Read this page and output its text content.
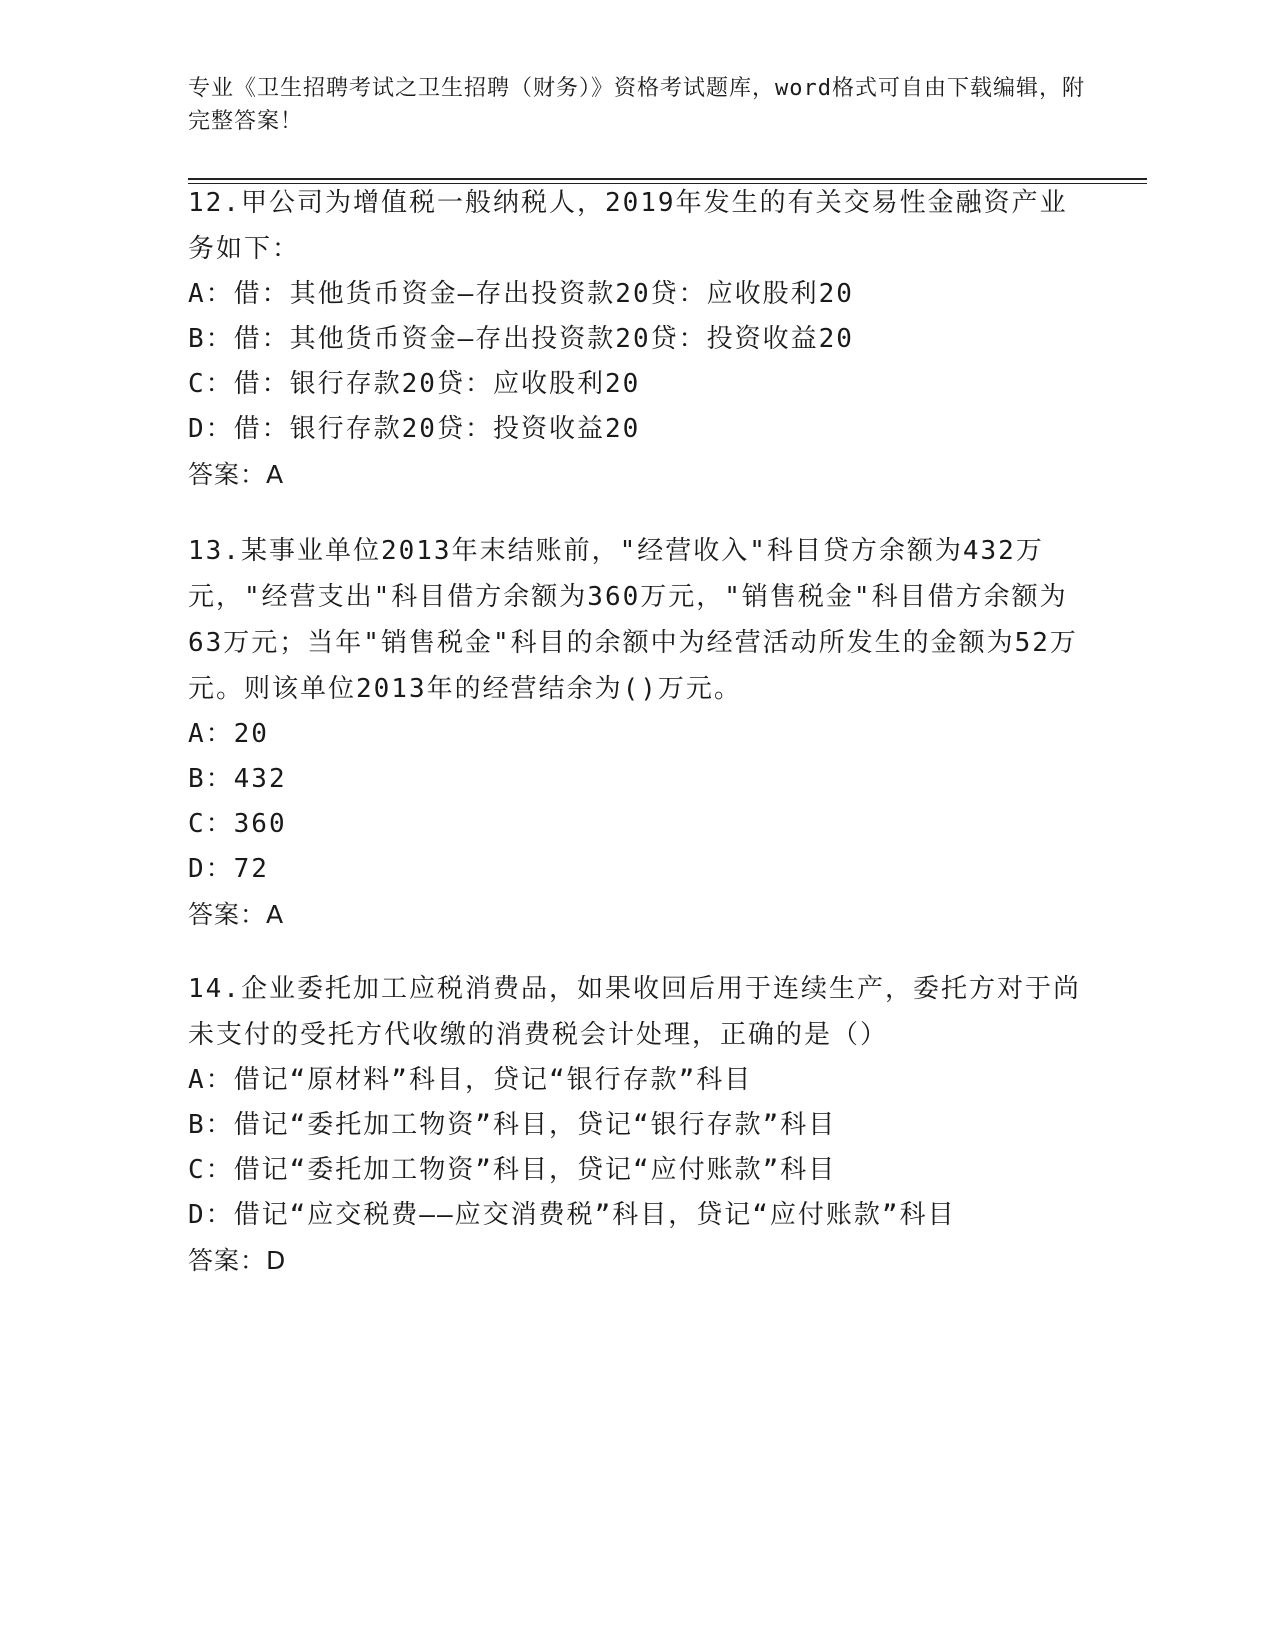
专业《卫生招聘考试之卫生招聘（财务）》资格考试题库，word格式可自由下载编辑，附完整答案！

12.甲公司为增值税一般纳税人，2019年发生的有关交易性金融资产业务如下：

A：借：其他货币资金—存出投资款20贷：应收股利20

B：借：其他货币资金—存出投资款20贷：投资收益20

C：借：银行存款20贷：应收股利20

D：借：银行存款20贷：投资收益20

答案：A

13.某事业单位2013年末结账前，"经营收入"科目贷方余额为432万元，"经营支出"科目借方余额为360万元，"销售税金"科目借方余额为63万元；当年"销售税金"科目的余额中为经营活动所发生的金额为52万元。则该单位2013年的经营结余为()万元。

A：20

B：432

C：360

D：72

答案：A

14.企业委托加工应税消费品，如果收回后用于连续生产，委托方对于尚未支付的受托方代收缴的消费税会计处理，正确的是（）

A：借记“原材料”科目，贷记“银行存款”科目

B：借记“委托加工物资”科目，贷记“银行存款”科目

C：借记“委托加工物资”科目，贷记“应付账款”科目

D：借记“应交税费——应交消费税”科目，贷记“应付账款”科目

答案：D
